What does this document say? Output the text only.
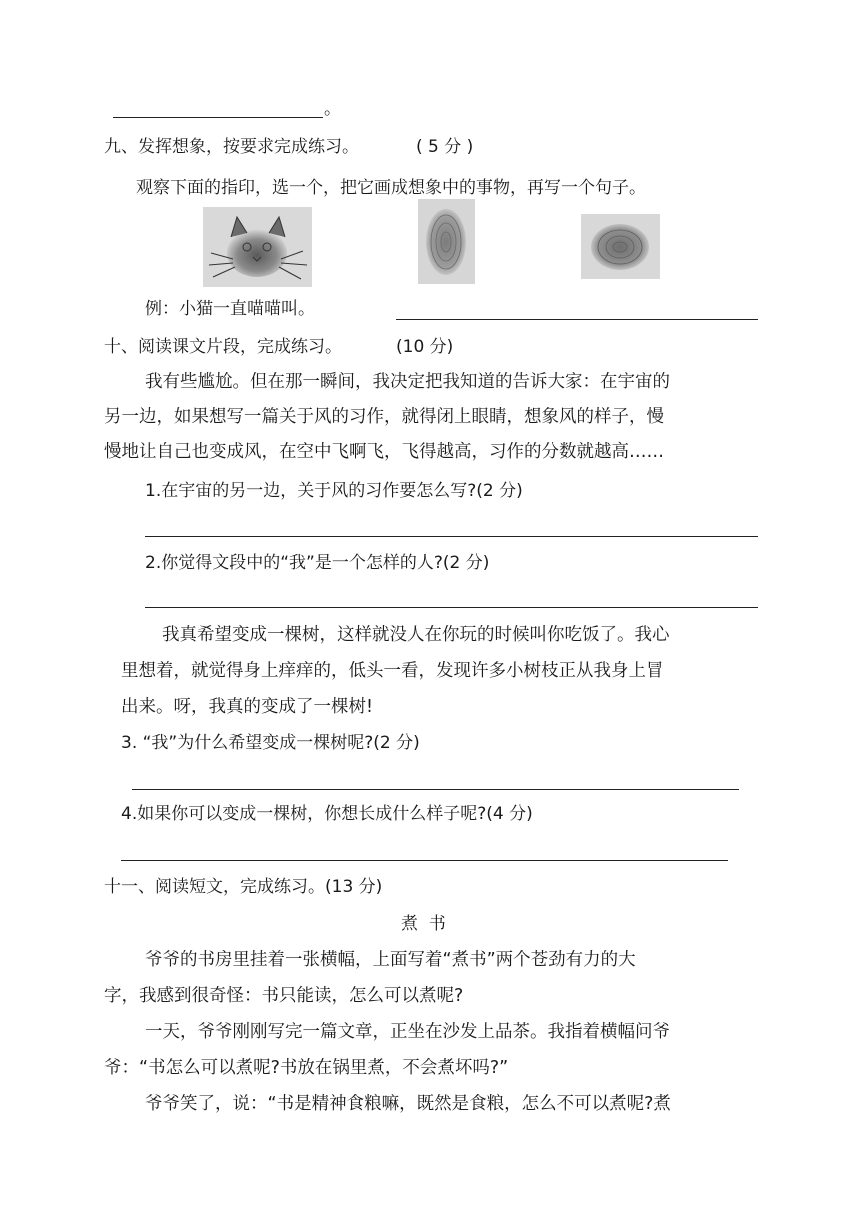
。
九、发挥想象，按要求完成练习。	( 5 分 )
观察下面的指印，选一个，把它画成想象中的事物，再写一个句子。
例：小猫一直喵喵叫。
十、阅读课文片段，完成练习。	(10 分)
我有些尴尬。但在那一瞬间，我决定把我知道的告诉大家：在宇宙的
另一边，如果想写一篇关于风的习作，就得闭上眼睛，想象风的样子，慢
慢地让自己也变成风，在空中飞啊飞，飞得越高，习作的分数就越高……
1.在宇宙的另一边，关于风的习作要怎么写?(2 分)
2.你觉得文段中的“我”是一个怎样的人?(2 分)
我真希望变成一棵树，这样就没人在你玩的时候叫你吃饭了。我心
里想着，就觉得身上痒痒的，低头一看，发现许多小树枝正从我身上冒
出来。呀，我真的变成了一棵树!
3. “我”为什么希望变成一棵树呢?(2 分)
4.如果你可以变成一棵树，你想长成什么样子呢?(4 分)
十一、阅读短文，完成练习。(13 分)
煮  书
爷爷的书房里挂着一张横幅，上面写着“煮书”两个苍劲有力的大
字，我感到很奇怪：书只能读，怎么可以煮呢?
一天，爷爷刚刚写完一篇文章，正坐在沙发上品茶。我指着横幅问爷
爷：“书怎么可以煮呢?书放在锅里煮，不会煮坏吗?”
爷爷笑了，说：“书是精神食粮嘛，既然是食粮，怎么不可以煮呢?煮
